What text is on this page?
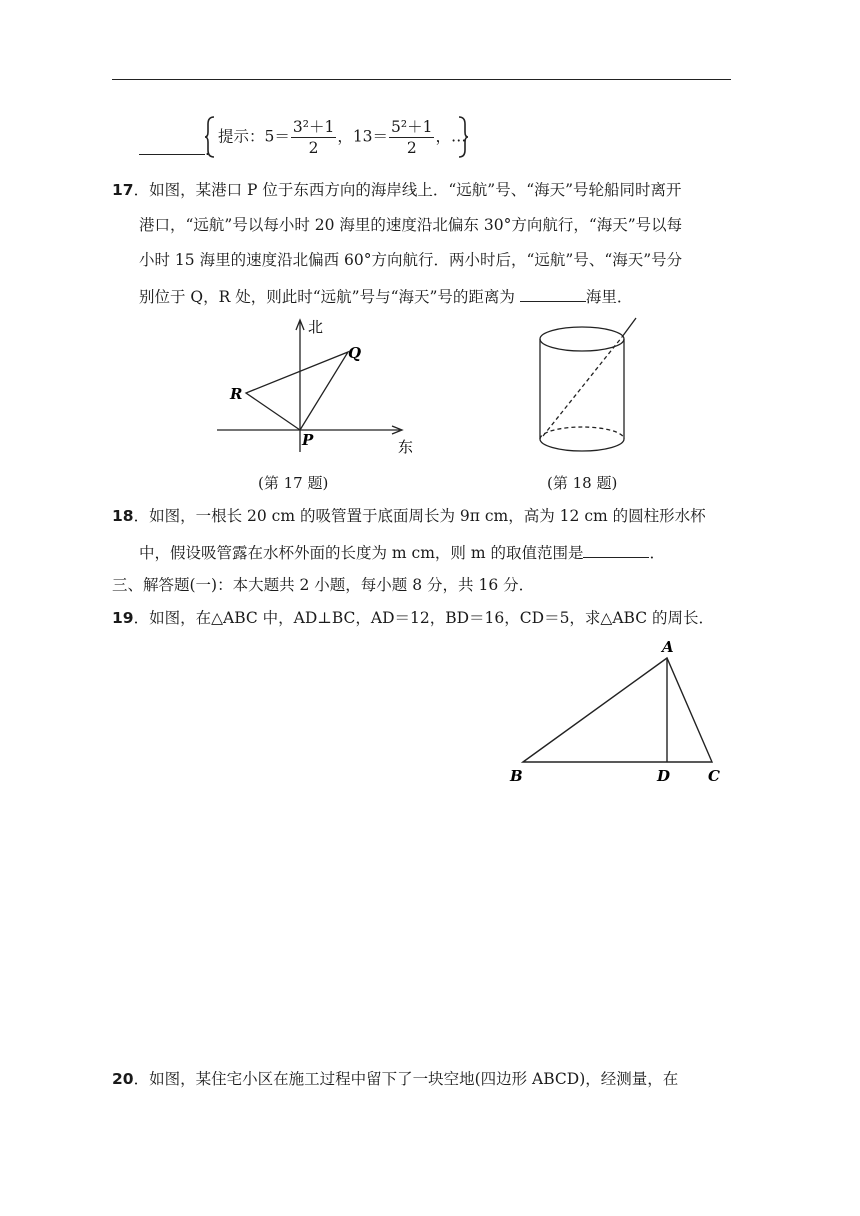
.
提示：$5= \frac{\text{3²＋1}}{2}$ ，$13= \frac{\text{5²＋1}}{2}$ ，…
17．如图，某港口 P 位于东西方向的海岸线上．“远航”号、“海天”号轮船同时离开
港口，“远航”号以每小时 20 海里的速度沿北偏东 30°方向航行，“海天”号以每
小时 15 海里的速度沿北偏西 60°方向航行．两小时后，“远航”号、“海天”号分
别位于 Q，R 处，则此时“远航”号与“海天”号的距离为	海里．
北
东
Q
R
P
(第 17 题)	(第 18 题)
18．如图，一根长 20 cm 的吸管置于底面周长为 9π cm，高为 12 cm 的圆柱形水杯
中，假设吸管露在水杯外面的长度为 m cm，则 m 的取值范围是	．
三、解答题(一)：本大题共 2 小题，每小题 8 分，共 16 分．
19．如图，在△ABC 中，AD⊥BC，AD＝12，BD＝16，CD＝5，求△ABC 的周长．
A
B	D	C
20．如图，某住宅小区在施工过程中留下了一块空地(四边形 ABCD)，经测量，在
